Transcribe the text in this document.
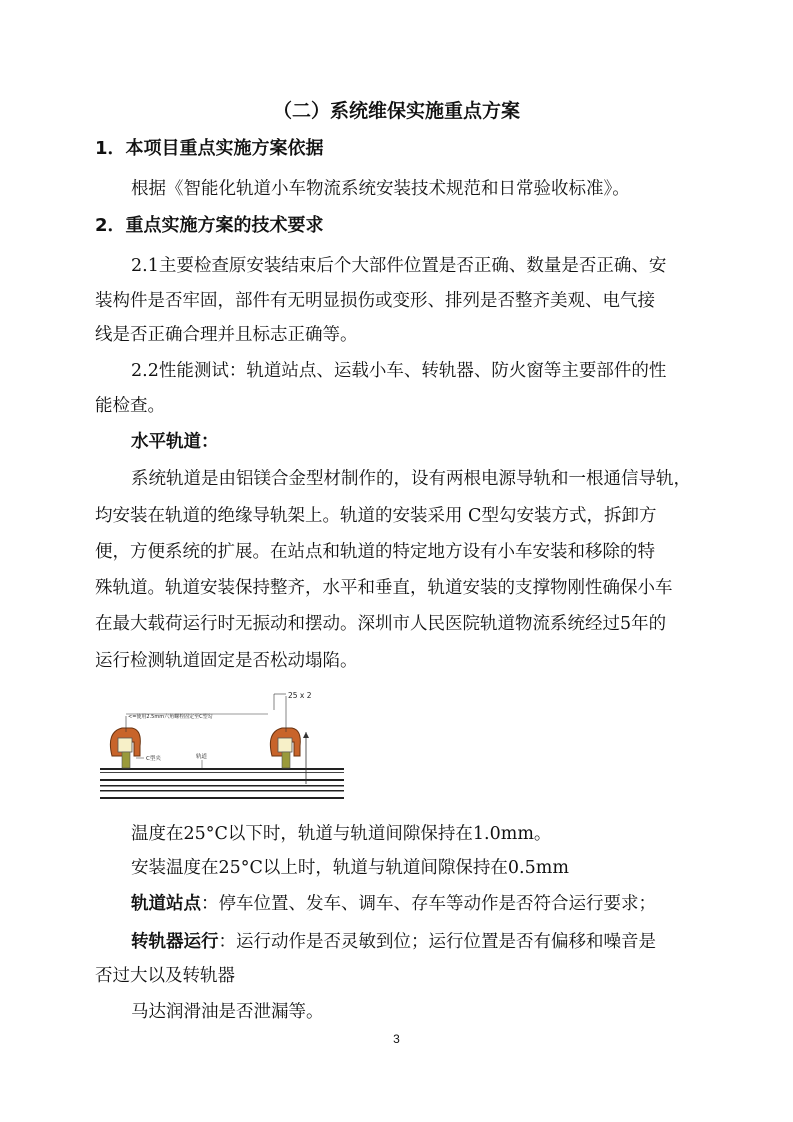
（二）系统维保实施重点方案
1．本项目重点实施方案依据
根据《智能化轨道小车物流系统安装技术规范和日常验收标准》。
2．重点实施方案的技术要求
2.1主要检查原安装结束后个大部件位置是否正确、数量是否正确、安
装构件是否牢固，部件有无明显损伤或变形、排列是否整齐美观、电气接
线是否正确合理并且标志正确等。
2.2性能测试：轨道站点、运载小车、转轨器、防火窗等主要部件的性
能检查。
水平轨道：
系统轨道是由铝镁合金型材制作的，设有两根电源导轨和一根通信导轨，
均安装在轨道的绝缘导轨架上。轨道的安装采用 C型勾安装方式，拆卸方
便，方便系统的扩展。在站点和轨道的特定地方设有小车安装和移除的特
殊轨道。轨道安装保持整齐，水平和垂直，轨道安装的支撑物刚性确保小车
在最大载荷运行时无振动和摆动。深圳市人民医院轨道物流系统经过5年的
运行检测轨道固定是否松动塌陷。
25 x 2
<=使用2.5mm六角螺栓固定至C型勾
C型夹	轨道
温度在25°C以下时，轨道与轨道间隙保持在1.0mm。
安装温度在25°C以上时，轨道与轨道间隙保持在0.5mm
轨道站点：停车位置、发车、调车、存车等动作是否符合运行要求；
转轨器运行：运行动作是否灵敏到位；运行位置是否有偏移和噪音是
否过大以及转轨器
马达润滑油是否泄漏等。
3
